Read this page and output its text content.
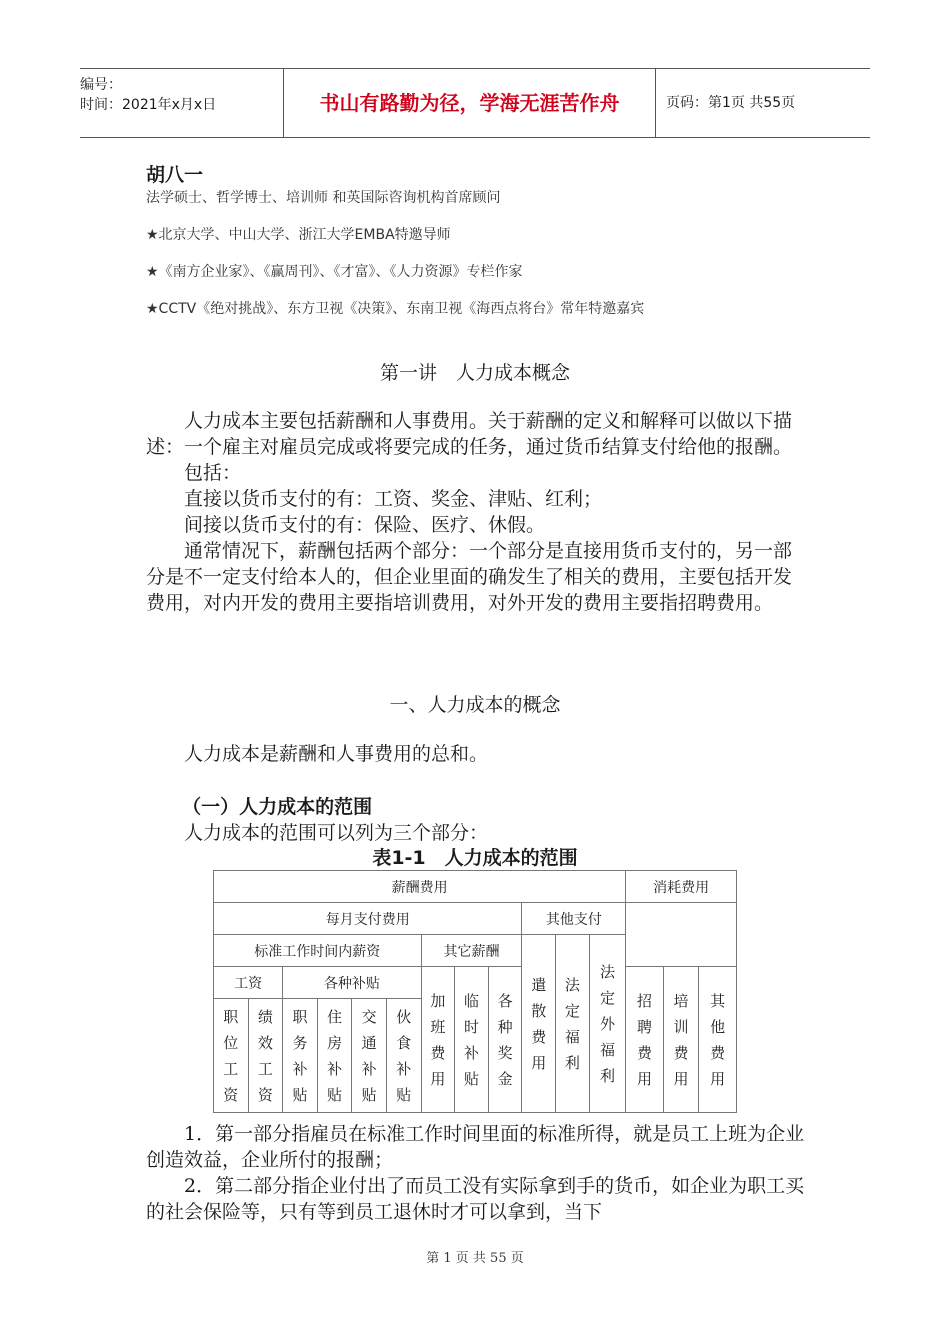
编号：
时间：2021年x月x日	书山有路勤为径，学海无涯苦作舟	页码：第1页 共55页
胡八一
法学硕士、哲学博士、培训师 和英国际咨询机构首席顾问
★北京大学、中山大学、浙江大学EMBA特邀导师
★《南方企业家》、《赢周刊》、《才富》、《人力资源》专栏作家
★CCTV《绝对挑战》、东方卫视《决策》、东南卫视《海西点将台》常年特邀嘉宾
第一讲　人力成本概念

人力成本主要包括薪酬和人事费用。关于薪酬的定义和解释可以做以下描述：一个雇主对雇员完成或将要完成的任务，通过货币结算支付给他的报酬。

包括：

直接以货币支付的有：工资、奖金、津贴、红利；

间接以货币支付的有：保险、医疗、休假。

通常情况下，薪酬包括两个部分：一个部分是直接用货币支付的，另一部分是不一定支付给本人的，但企业里面的确发生了相关的费用，主要包括开发费用，对内开发的费用主要指培训费用，对外开发的费用主要指招聘费用。

一、人力成本的概念

人力成本是薪酬和人事费用的总和。

（一）人力成本的范围

人力成本的范围可以列为三个部分：

表1-1　人力成本的范围
薪酬费用												消耗费用		
每月支付费用									其他支付					
标准工作时间内薪资						其它薪酬			遣散费用	法定福利	法定外福利			
工资		各种补贴				加班费用	临时补贴	各种奖金				招聘费用	培训费用	其他费用
职位工资	绩效工资	职务补贴	住房补贴	交通补贴	伙食补贴									

1．第一部分指雇员在标准工作时间里面的标准所得，就是员工上班为企业创造效益，企业所付的报酬；

2．第二部分指企业付出了而员工没有实际拿到手的货币，如企业为职工买的社会保险等，只有等到员工退休时才可以拿到，当下

第 1 页 共 55 页
